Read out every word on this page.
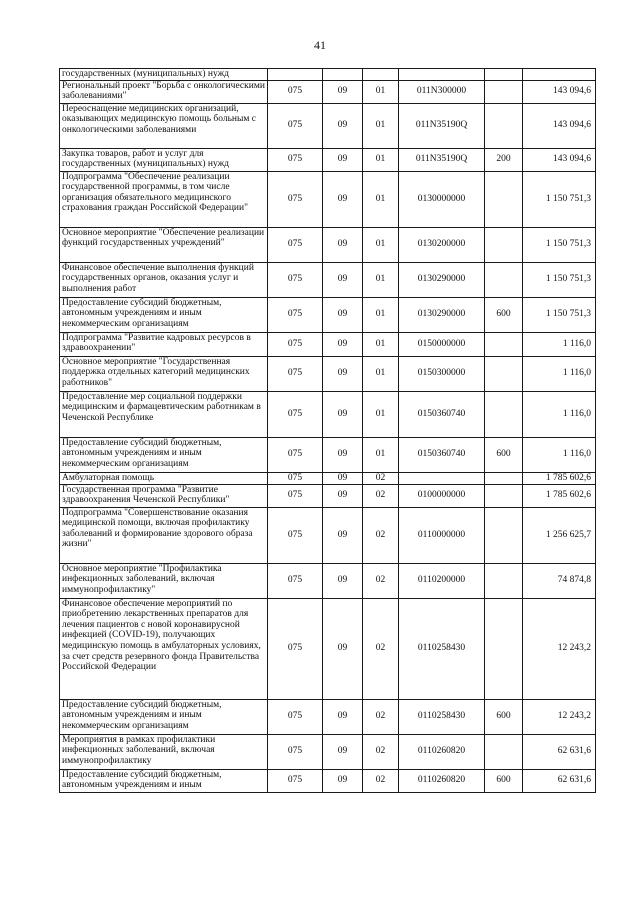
41
государственных (муниципальных) нужд						
Региональный проект "Борьба с онкологическими заболеваниями"	075	09	01	011N300000		143 094,6
Переоснащение медицинских организаций, оказывающих медицинскую помощь больным с онкологическими заболеваниями	075	09	01	011N35190Q		143 094,6
Закупка товаров, работ и услуг для государственных (муниципальных) нужд	075	09	01	011N35190Q	200	143 094,6
Подпрограмма "Обеспечение реализации государственной программы, в том числе организация обязательного медицинского страхования граждан Российской Федерации"	075	09	01	0130000000		1 150 751,3
Основное мероприятие "Обеспечение реализации функций государственных учреждений"	075	09	01	0130200000		1 150 751,3
Финансовое обеспечение выполнения функций государственных органов, оказания услуг и выполнения работ	075	09	01	0130290000		1 150 751,3
Предоставление субсидий бюджетным, автономным учреждениям и иным некоммерческим организациям	075	09	01	0130290000	600	1 150 751,3
Подпрограмма "Развитие кадровых ресурсов в здравоохранении"	075	09	01	0150000000		1 116,0
Основное мероприятие "Государственная поддержка отдельных категорий медицинских работников"	075	09	01	0150300000		1 116,0
Предоставление мер социальной поддержки медицинским и фармацевтическим работникам в Чеченской Республике	075	09	01	0150360740		1 116,0
Предоставление субсидий бюджетным, автономным учреждениям и иным некоммерческим организациям	075	09	01	0150360740	600	1 116,0
Амбулаторная помощь	075	09	02			1 785 602,6
Государственная программа "Развитие здравоохранения Чеченской Республики"	075	09	02	0100000000		1 785 602,6
Подпрограмма "Совершенствование оказания медицинской помощи, включая профилактику заболеваний и формирование здорового образа жизни"	075	09	02	0110000000		1 256 625,7
Основное мероприятие "Профилактика инфекционных заболеваний, включая иммунопрофилактику"	075	09	02	0110200000		74 874,8
Финансовое обеспечение мероприятий по приобретению лекарственных препаратов для лечения пациентов с новой коронавирусной инфекцией (COVID-19), получающих медицинскую помощь в амбулаторных условиях, за счет средств резервного фонда Правительства Российской Федерации	075	09	02	0110258430		12 243,2
Предоставление субсидий бюджетным, автономным учреждениям и иным некоммерческим организациям	075	09	02	0110258430	600	12 243,2
Мероприятия в рамках профилактики инфекционных заболеваний, включая иммунопрофилактику	075	09	02	0110260820		62 631,6
Предоставление субсидий бюджетным, автономным учреждениям и иным	075	09	02	0110260820	600	62 631,6
